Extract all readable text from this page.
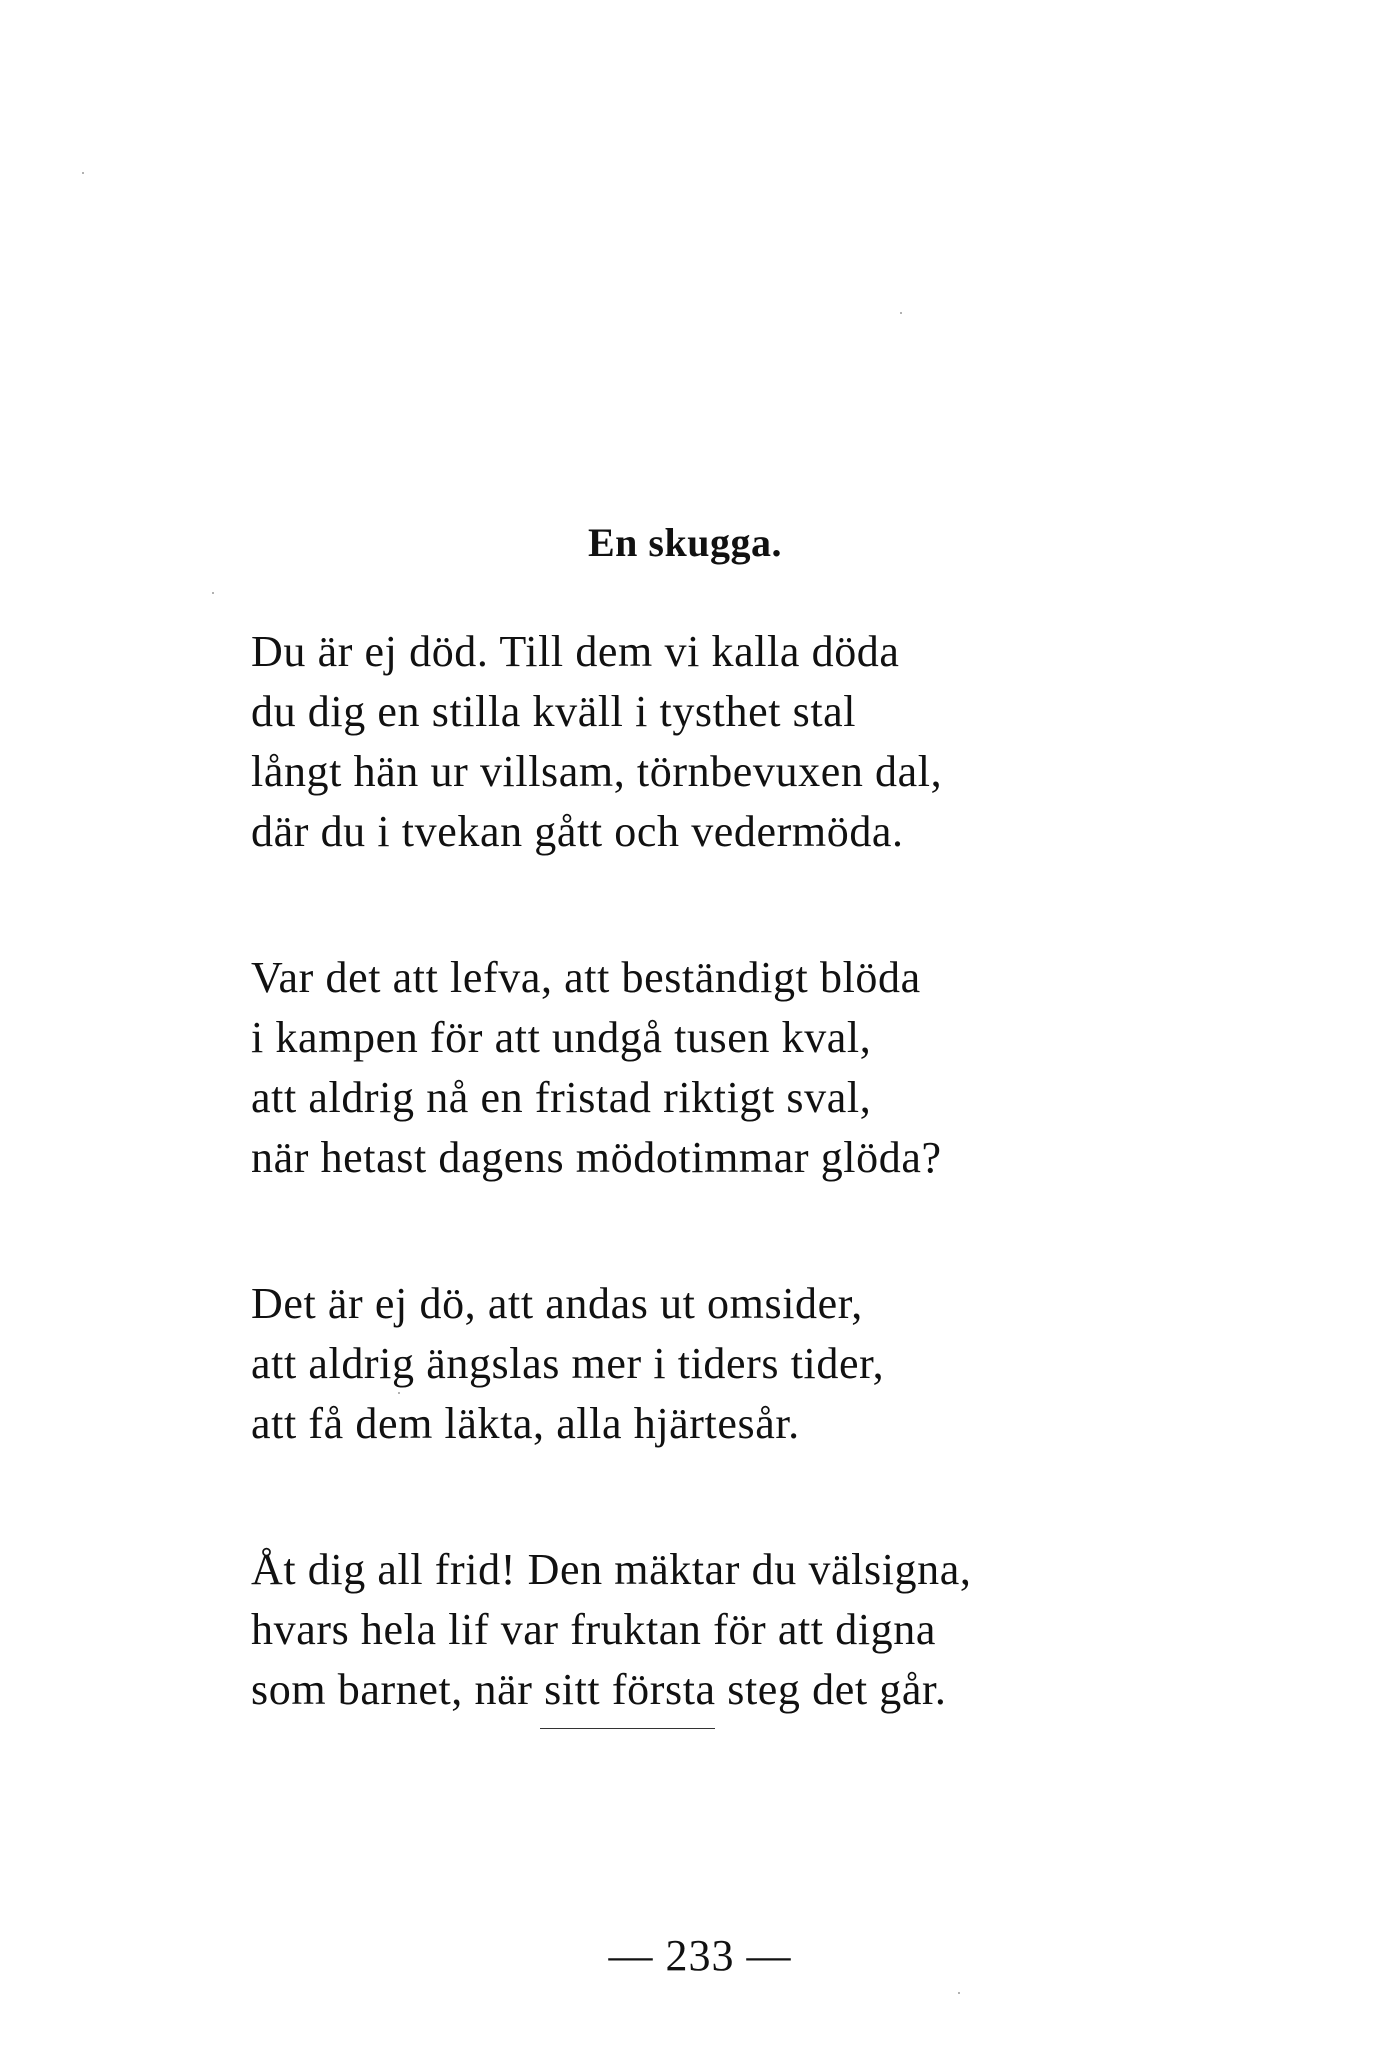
En skugga.
Du är ej död. Till dem vi kalla döda
du dig en stilla kväll i tysthet stal
långt hän ur villsam, törnbevuxen dal,
där du i tvekan gått och vedermöda.
Var det att lefva, att beständigt blöda
i kampen för att undgå tusen kval,
att aldrig nå en fristad riktigt sval,
när hetast dagens mödotimmar glöda?
Det är ej dö, att andas ut omsider,
att aldrig ängslas mer i tiders tider,
att få dem läkta, alla hjärtesår.
Åt dig all frid! Den mäktar du välsigna,
hvars hela lif var fruktan för att digna
som barnet, när sitt första steg det går.
— 233 —
